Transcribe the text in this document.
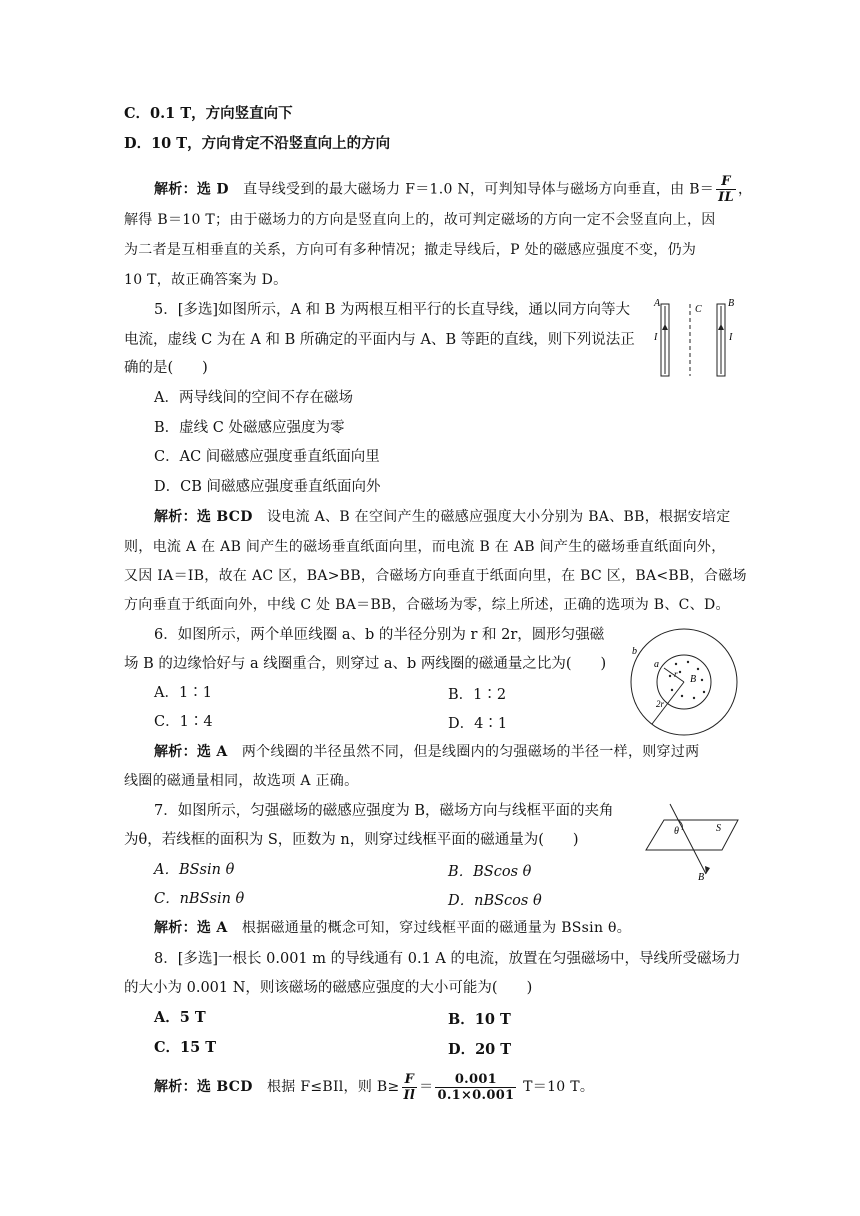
C．0.1 T，方向竖直向下
D．10 T，方向肯定不沿竖直向上的方向
解析：选 D　 直导线受到的最大磁场力 F＝1.0 N，可判知导体与磁场方向垂直，由 $B= \frac{F}{IL}$ ，
解得 B＝10 T；由于磁场力的方向是竖直向上的，故可判定磁场的方向一定不会竖直向上，因
为二者是互相垂直的关系，方向可有多种情况；撤走导线后，P 处的磁感应强度不变，仍为
10 T，故正确答案为 D。
5．[多选]如图所示，A 和 B 为两根互相平行的长直导线，通以同方向等大
电流，虚线 C 为在 A 和 B 所确定的平面内与 A、B 等距的直线，则下列说法正
确的是(　　)
A．两导线间的空间不存在磁场
B．虚线 C 处磁感应强度为零
C．AC 间磁感应强度垂直纸面向里
D．CB 间磁感应强度垂直纸面向外
解析：选 BCD　 设电流 A、B 在空间产生的磁感应强度大小分别为 BA、BB，根据安培定
则，电流 A 在 AB 间产生的磁场垂直纸面向里，而电流 B 在 AB 间产生的磁场垂直纸面向外，
又因 IA＝IB，故在 AC 区，BA>BB，合磁场方向垂直于纸面向里，在 BC 区，BA<BB，合磁场
方向垂直于纸面向外，中线 C 处 BA＝BB，合磁场为零，综上所述，正确的选项为 B、C、D。
A
C
B
I	I
6．如图所示，两个单匝线圈 a、b 的半径分别为 r 和 2r，圆形匀强磁
场 B 的边缘恰好与 a 线圈重合，则穿过 a、b 两线圈的磁通量之比为(　　)
A．1∶1	B．1∶2
C．1∶4	D．4∶1
解析：选 A　 两个线圈的半径虽然不同，但是线圈内的匀强磁场的半径一样，则穿过两
线圈的磁通量相同，故选项 A 正确。
b
a
r B
2r
7．如图所示，匀强磁场的磁感应强度为 B，磁场方向与线框平面的夹角
为θ，若线框的面积为 S，匝数为 n，则穿过线框平面的磁通量为(　　)
A．BSsin θ	B．BScos θ
C．nBSsin θ	D．nBScos θ
解析：选 A　 根据磁通量的概念可知，穿过线框平面的磁通量为 BSsin θ。
θ	S
B
8．[多选]一根长 0.001 m 的导线通有 0.1 A 的电流，放置在匀强磁场中，导线所受磁场力
的大小为 0.001 N，则该磁场的磁感应强度的大小可能为(　　)
A．5 T	B．10 T
C．15 T	D．20 T
解析：选 BCD　 根据 F≤BIl，则 $B\ge \frac{F}{Il} = \frac{0.001}{0.1\times 0.001} T=10$ T。
